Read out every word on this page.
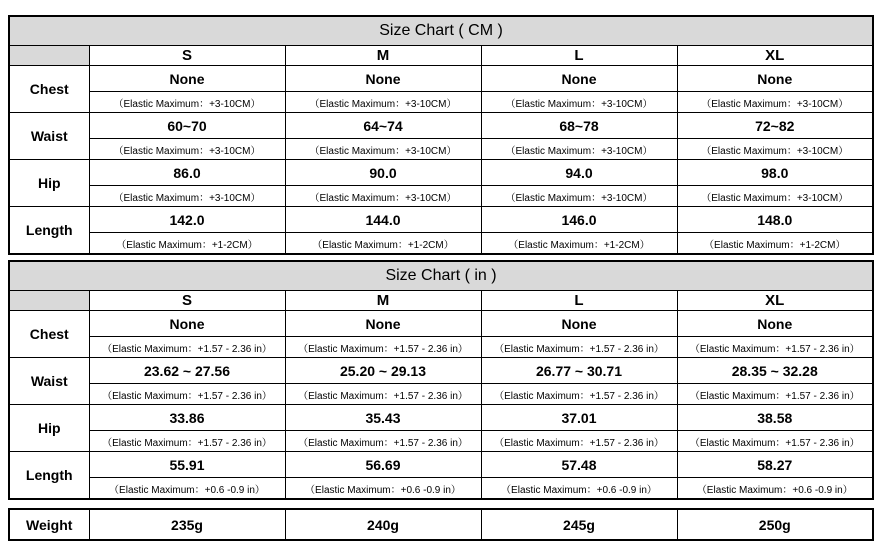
Size Chart ( CM )				
	S	M	L	XL
Chest	None	None	None	None
	（Elastic Maximum：+3-10CM）	（Elastic Maximum：+3-10CM）	（Elastic Maximum：+3-10CM）	（Elastic Maximum：+3-10CM）
Waist	60~70	64~74	68~78	72~82
	（Elastic Maximum：+3-10CM）	（Elastic Maximum：+3-10CM）	（Elastic Maximum：+3-10CM）	（Elastic Maximum：+3-10CM）
Hip	86.0	90.0	94.0	98.0
	（Elastic Maximum：+3-10CM）	（Elastic Maximum：+3-10CM）	（Elastic Maximum：+3-10CM）	（Elastic Maximum：+3-10CM）
Length	142.0	144.0	146.0	148.0
	（Elastic Maximum：+1-2CM）	（Elastic Maximum：+1-2CM）	（Elastic Maximum：+1-2CM）	（Elastic Maximum：+1-2CM）
Size Chart ( in )				
	S	M	L	XL
Chest	None	None	None	None
	（Elastic Maximum：+1.57 - 2.36 in）	（Elastic Maximum：+1.57 - 2.36 in）	（Elastic Maximum：+1.57 - 2.36 in）	（Elastic Maximum：+1.57 - 2.36 in）
Waist	23.62 ~ 27.56	25.20 ~ 29.13	26.77 ~ 30.71	28.35 ~ 32.28
	（Elastic Maximum：+1.57 - 2.36 in）	（Elastic Maximum：+1.57 - 2.36 in）	（Elastic Maximum：+1.57 - 2.36 in）	（Elastic Maximum：+1.57 - 2.36 in）
Hip	33.86	35.43	37.01	38.58
	（Elastic Maximum：+1.57 - 2.36 in）	（Elastic Maximum：+1.57 - 2.36 in）	（Elastic Maximum：+1.57 - 2.36 in）	（Elastic Maximum：+1.57 - 2.36 in）
Length	55.91	56.69	57.48	58.27
	（Elastic Maximum：+0.6 -0.9 in）	（Elastic Maximum：+0.6 -0.9 in）	（Elastic Maximum：+0.6 -0.9 in）	（Elastic Maximum：+0.6 -0.9 in）
Weight	235g	240g	245g	250g
